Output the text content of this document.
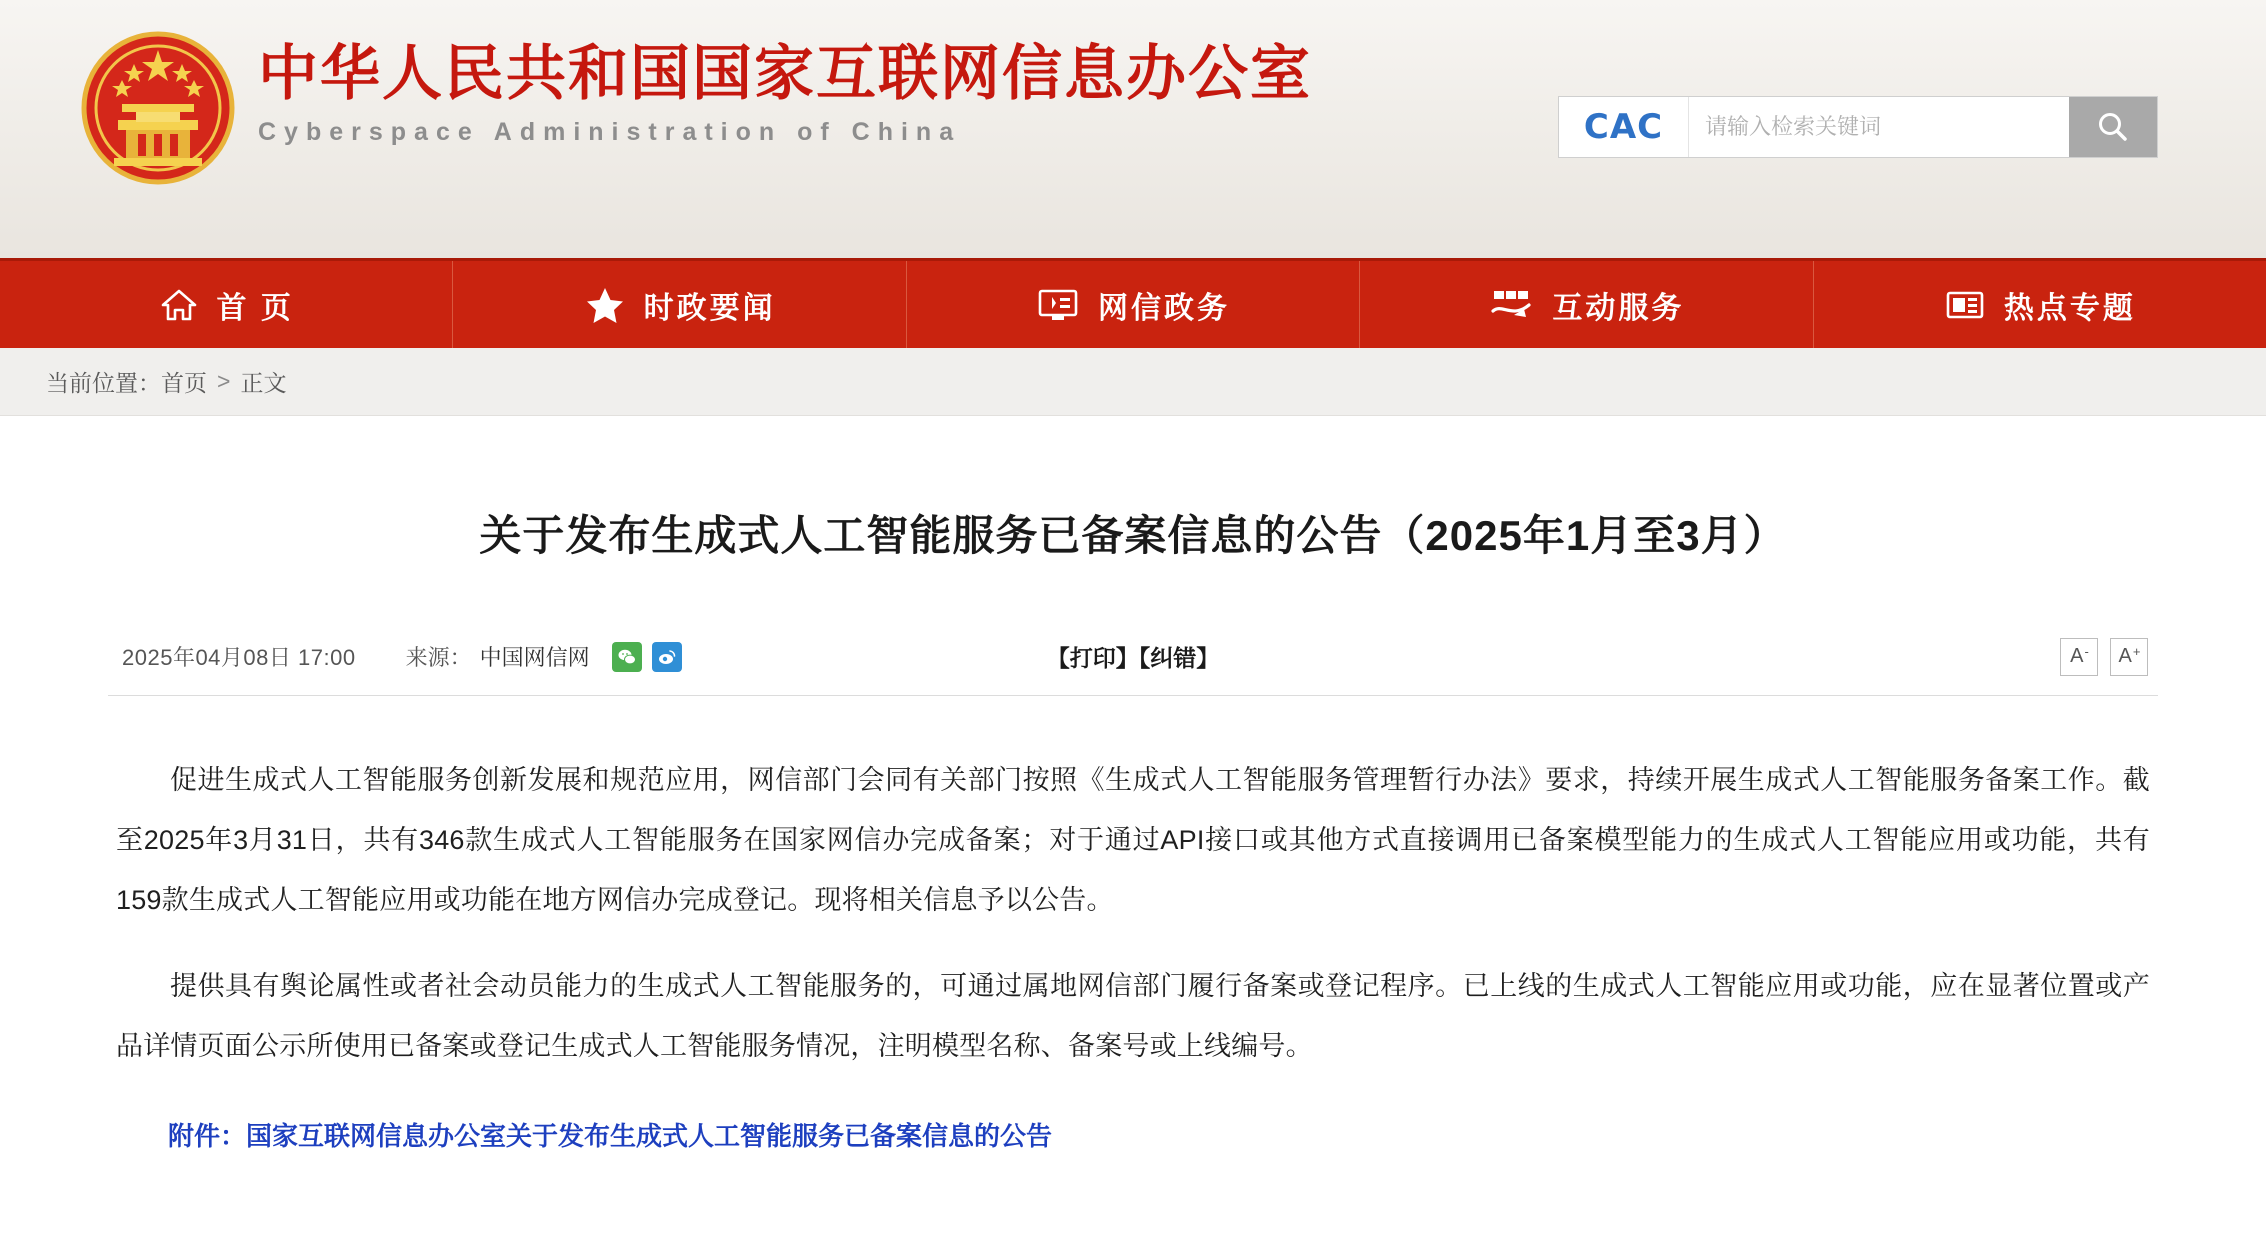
中华人民共和国国家互联网信息办公室
Cyberspace Administration of China	CAC
请输入检索关键词
首 页	时政要闻	网信政务	互动服务	热点专题
当前位置： 首页 > 正文
关于发布生成式人工智能服务已备案信息的公告（2025年1月至3月）
2025年04月08日 17:00 来源： 中国网信网	【打印】【纠错】	A- A+

促进生成式人工智能服务创新发展和规范应用，网信部门会同有关部门按照《生成式人工智能服务管理暂行办法》要求，持续开展生成式人工智能服务备案工作。截至2025年3月31日，共有346款生成式人工智能服务在国家网信办完成备案；对于通过API接口或其他方式直接调用已备案模型能力的生成式人工智能应用或功能，共有159款生成式人工智能应用或功能在地方网信办完成登记。现将相关信息予以公告。

提供具有舆论属性或者社会动员能力的生成式人工智能服务的，可通过属地网信部门履行备案或登记程序。已上线的生成式人工智能应用或功能，应在显著位置或产品详情页面公示所使用已备案或登记生成式人工智能服务情况，注明模型名称、备案号或上线编号。

附件：国家互联网信息办公室关于发布生成式人工智能服务已备案信息的公告
